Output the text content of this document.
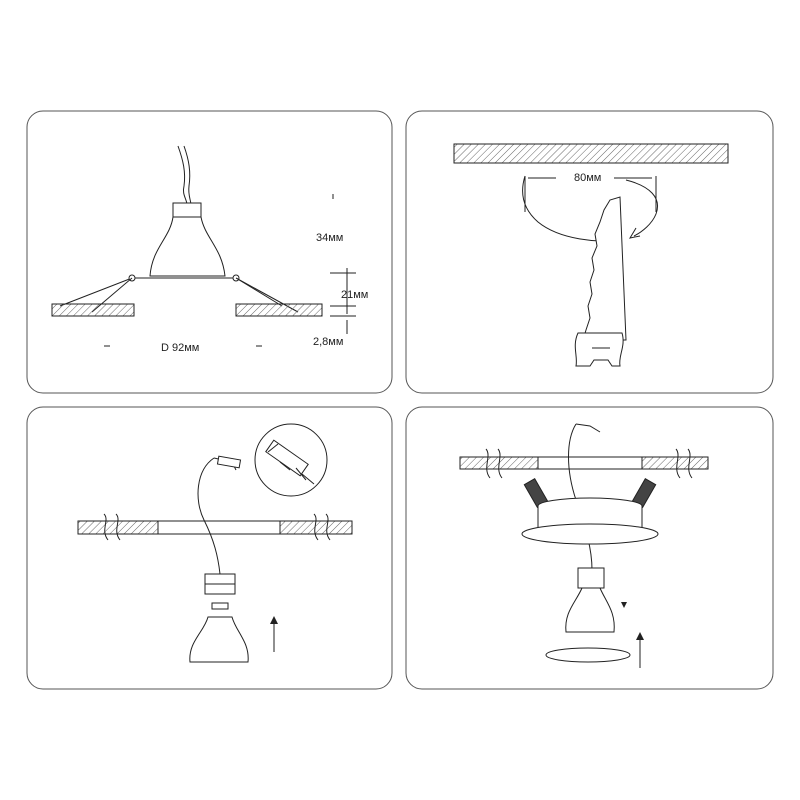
34мм
21мм
2,8мм
D 92мм
80мм
